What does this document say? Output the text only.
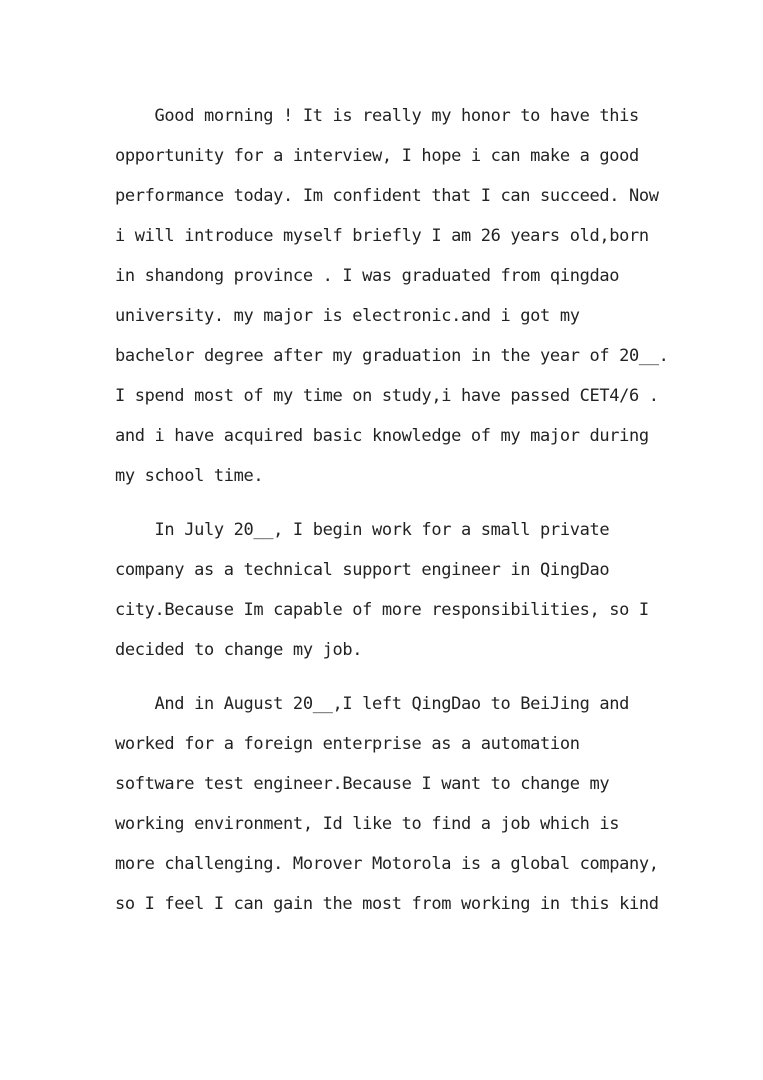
Good morning ! It is really my honor to have this
opportunity for a interview, I hope i can make a good
performance today. Im confident that I can succeed. Now
i will introduce myself briefly I am 26 years old,born
in shandong province . I was graduated from qingdao
university. my major is electronic.and i got my
bachelor degree after my graduation in the year of 20__.
I spend most of my time on study,i have passed CET4/6 .
and i have acquired basic knowledge of my major during
my school time.
In July 20__, I begin work for a small private
company as a technical support engineer in QingDao
city.Because Im capable of more responsibilities, so I
decided to change my job.
And in August 20__,I left QingDao to BeiJing and
worked for a foreign enterprise as a automation
software test engineer.Because I want to change my
working environment, Id like to find a job which is
more challenging. Morover Motorola is a global company,
so I feel I can gain the most from working in this kind
